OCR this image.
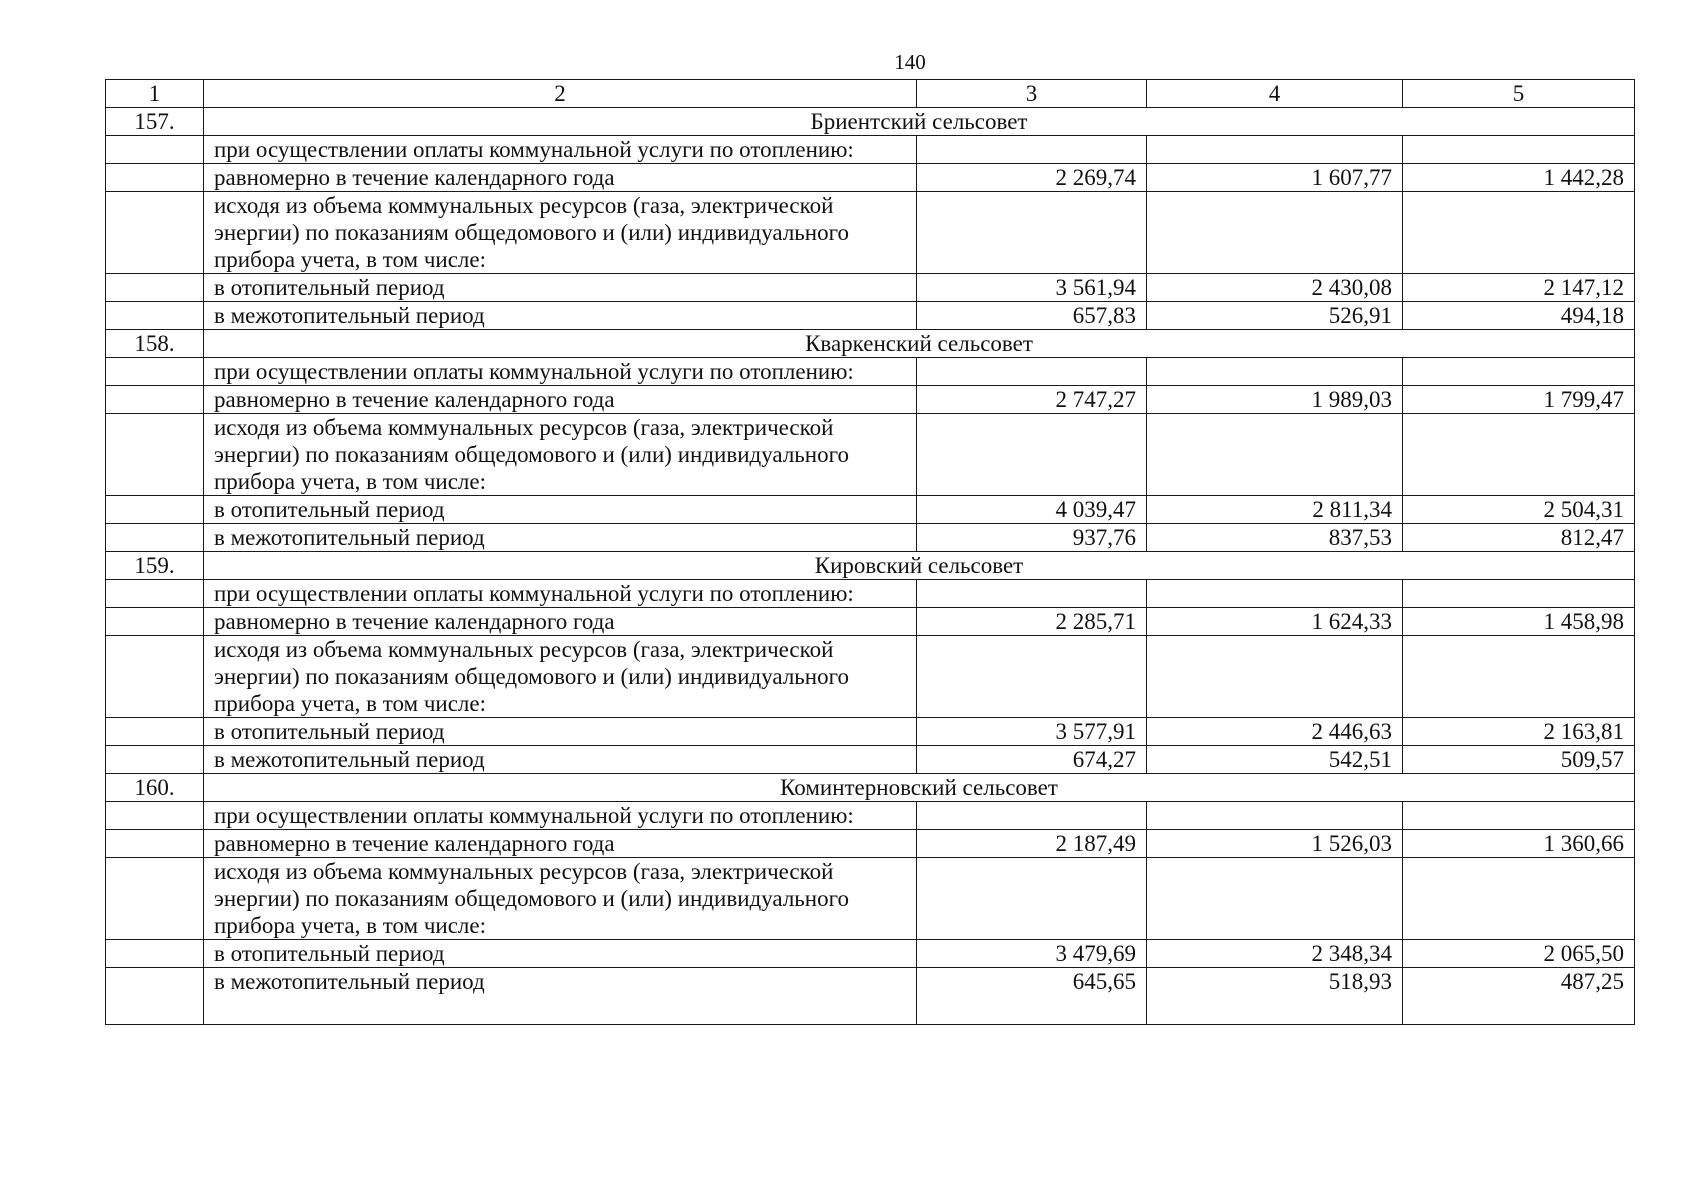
140
1	2	3	4	5
157.	Бриентский сельсовет			
	при осуществлении оплаты коммунальной услуги по отоплению:			
	равномерно в течение календарного года	2 269,74	1 607,77	1 442,28
	исходя из объема коммунальных ресурсов (газа, электрической энергии) по показаниям общедомового и (или) индивидуального прибора учета, в том числе:			
	в отопительный период	3 561,94	2 430,08	2 147,12
	в межотопительный период	657,83	526,91	494,18
158.	Кваркенский сельсовет			
	при осуществлении оплаты коммунальной услуги по отоплению:			
	равномерно в течение календарного года	2 747,27	1 989,03	1 799,47
	исходя из объема коммунальных ресурсов (газа, электрической энергии) по показаниям общедомового и (или) индивидуального прибора учета, в том числе:			
	в отопительный период	4 039,47	2 811,34	2 504,31
	в межотопительный период	937,76	837,53	812,47
159.	Кировский сельсовет			
	при осуществлении оплаты коммунальной услуги по отоплению:			
	равномерно в течение календарного года	2 285,71	1 624,33	1 458,98
	исходя из объема коммунальных ресурсов (газа, электрической энергии) по показаниям общедомового и (или) индивидуального прибора учета, в том числе:			
	в отопительный период	3 577,91	2 446,63	2 163,81
	в межотопительный период	674,27	542,51	509,57
160.	Коминтерновский сельсовет			
	при осуществлении оплаты коммунальной услуги по отоплению:			
	равномерно в течение календарного года	2 187,49	1 526,03	1 360,66
	исходя из объема коммунальных ресурсов (газа, электрической энергии) по показаниям общедомового и (или) индивидуального прибора учета, в том числе:			
	в отопительный период	3 479,69	2 348,34	2 065,50
	в межотопительный период	645,65	518,93	487,25
